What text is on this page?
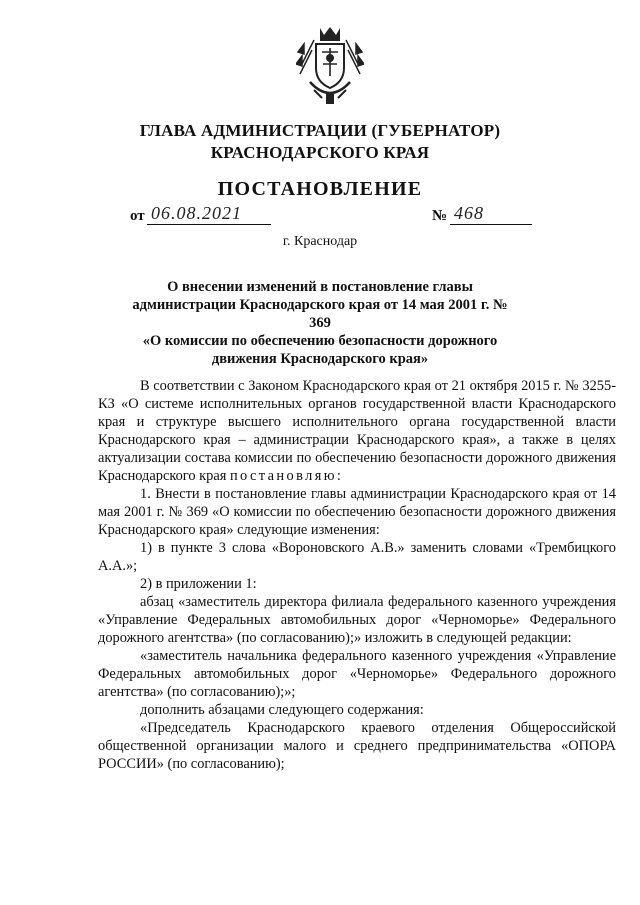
ГЛАВА АДМИНИСТРАЦИИ (ГУБЕРНАТОР)
КРАСНОДАРСКОГО КРАЯ
ПОСТАНОВЛЕНИЕ
от 06.08.2021	№ 468
г. Краснодар
О внесении изменений в постановление главы
администрации Краснодарского края от 14 мая 2001 г. № 369
«О комиссии по обеспечению безопасности дорожного
движения Краснодарского края»

В соответствии с Законом Краснодарского края от 21 октября 2015 г. № 3255-КЗ «О системе исполнительных органов государственной власти Краснодарского края и структуре высшего исполнительного органа государственной власти Краснодарского края – администрации Краснодарского края», а также в целях актуализации состава комиссии по обеспечению безопасности дорожного движения Краснодарского края постановляю:

1. Внести в постановление главы администрации Краснодарского края от 14 мая 2001 г. № 369 «О комиссии по обеспечению безопасности дорожного движения Краснодарского края» следующие изменения:

1) в пункте 3 слова «Вороновского А.В.» заменить словами «Трембицкого А.А.»;

2) в приложении 1:

абзац «заместитель директора филиала федерального казенного учреждения «Управление Федеральных автомобильных дорог «Черноморье» Федерального дорожного агентства» (по согласованию);» изложить в следующей редакции:

«заместитель начальника федерального казенного учреждения «Управление Федеральных автомобильных дорог «Черноморье» Федерального дорожного агентства» (по согласованию);»;

дополнить абзацами следующего содержания:

«Председатель Краснодарского краевого отделения Общероссийской общественной организации малого и среднего предпринимательства «ОПОРА РОССИИ» (по согласованию);
